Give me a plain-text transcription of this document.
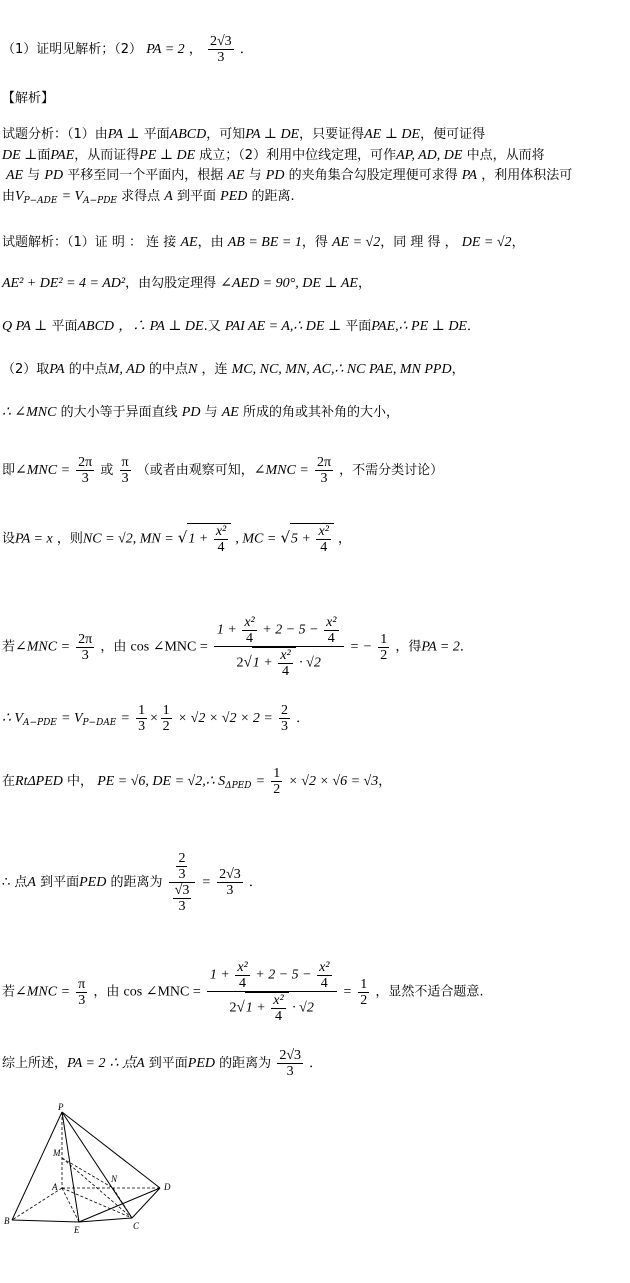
（1）证明见解析；（2） PA = 2 ， $\frac{2√3}{3}$ ．
【解析】
试题分析：（1）由PA ⊥ 平面ABCD，可知PA ⊥ DE，只要证得AE ⊥ DE，便可证得
DE ⊥面PAE，从而证得PE ⊥ DE 成立；（2）利用中位线定理，可作AP, AD, DE 中点，从而将
AE 与 PD 平移至同一个平面内，根据 AE 与 PD 的夹角集合勾股定理便可求得 PA ，利用体积法可
由$V_{P-ADE} = V_{A-PDE}$ 求得点 A 到平面 PED 的距离.
试题解析：（1）证 明 ： 连 接 AE，由 AB = BE = 1，得 AE = √2，同 理 得 ， DE = √2，
AE² + DE² = 4 = AD²，由勾股定理得 ∠AED = 90°, DE ⊥ AE，
Q PA ⊥ 平面ABCD ，∴ PA ⊥ DE.又 PAI AE = A,∴ DE ⊥ 平面PAE,∴ PE ⊥ DE．
（2）取PA 的中点M, AD 的中点N ，连 MC, NC, MN, AC,∴ NC PAE, MN PPD，
∴ ∠MNC 的大小等于异面直线 PD 与 AE 所成的角或其补角的大小，
即∠MNC = $\frac{2\pi}{3}$ 或 $\frac{\pi}{3}$ （或者由观察可知，∠MNC = $\frac{2\pi}{3}$ ，不需分类讨论）
设PA = x ，则NC = √2, MN = $√1 + \frac{\text{x²}}{4}$ , MC = $√5 + \frac{\text{x²}}{4}$ ，
若∠MNC = $\frac{2\pi}{3}$ ，由 cos ∠MNC = $\frac{1 + \frac{\text{x²}}{4} + 2 - 5 - \frac{\text{x²}}{4}}{2√1 + \frac{\text{x²}}{4} \cdot √2}$ = − $\frac{1}{2}$ ，得PA = 2．
∴ $V_{A-PDE} = V_{P-DAE} = \frac{1}{3} \times \frac{1}{2} \times √2 \times √2 \times 2 = \frac{2}{3}$ ．
在RtΔPED 中， PE = √6, DE = √2,∴ $S_{\Delta PED} = \frac{1}{2} \times √2 \times √6 = √3$，
∴ 点A 到平面PED 的距离为 $\frac{\frac{2}{3}}{\frac{√3}{3}} = \frac{2√3}{3}$ ．
若∠MNC = $\frac{\pi}{3}$ ，由 cos ∠MNC = $\frac{1 + \frac{\text{x²}}{4} + 2 - 5 - \frac{\text{x²}}{4}}{2√1 + \frac{\text{x²}}{4} \cdot √2} = \frac{1}{2}$ ，显然不适合题意.
综上所述，PA = 2 ∴ 点A 到平面PED 的距离为 $\frac{2√3}{3}$ ．
P
M
N
A	D
B
E	C
